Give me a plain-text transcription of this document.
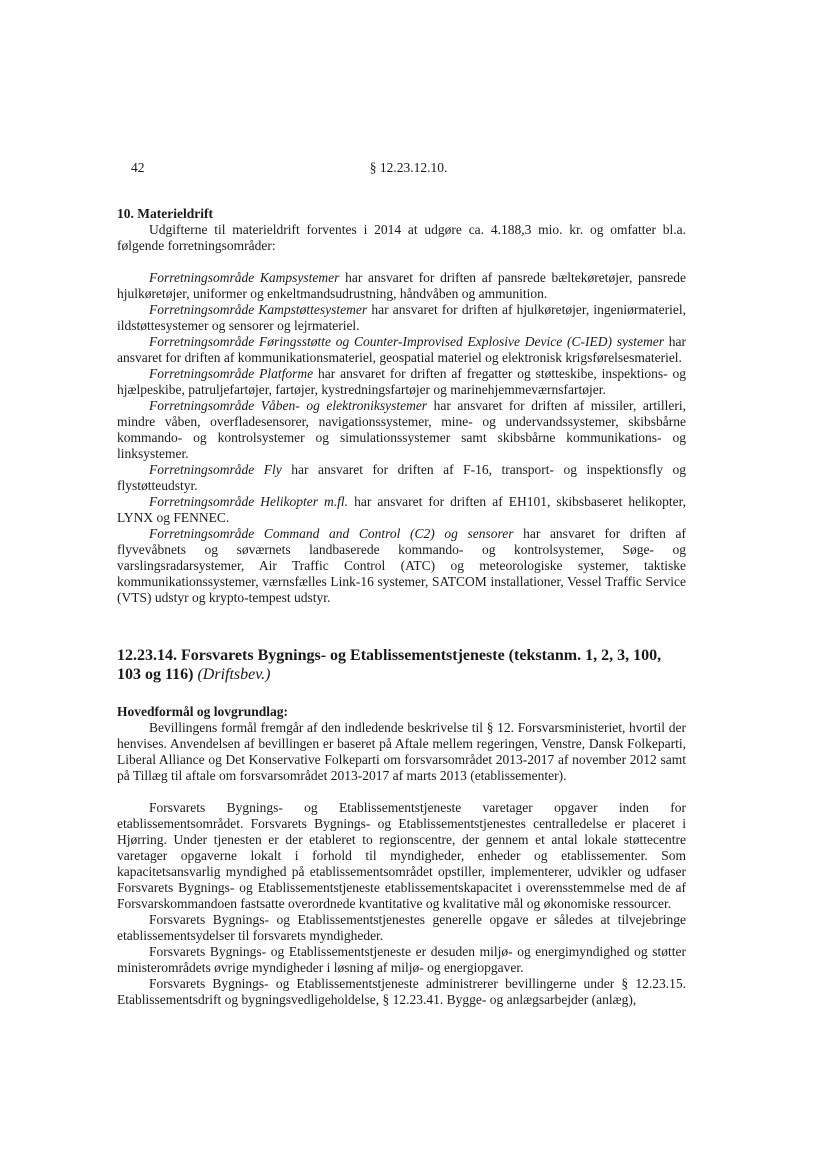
42	§ 12.23.12.10.

10. Materieldrift

Udgifterne til materieldrift forventes i 2014 at udgøre ca. 4.188,3 mio. kr. og omfatter bl.a. følgende forretningsområder:

Forretningsområde Kampsystemer har ansvaret for driften af pansrede bæltekøretøjer, pansrede hjulkøretøjer, uniformer og enkeltmandsudrustning, håndvåben og ammunition.

Forretningsområde Kampstøttesystemer har ansvaret for driften af hjulkøretøjer, ingeniørmateriel, ildstøttesystemer og sensorer og lejrmateriel.

Forretningsområde Føringsstøtte og Counter-Improvised Explosive Device (C-IED) systemer har ansvaret for driften af kommunikationsmateriel, geospatial materiel og elektronisk krigsførelsesmateriel.

Forretningsområde Platforme har ansvaret for driften af fregatter og støtteskibe, inspektions- og hjælpeskibe, patruljefartøjer, fartøjer, kystredningsfartøjer og marinehjemmeværnsfartøjer.

Forretningsområde Våben- og elektroniksystemer har ansvaret for driften af missiler, artilleri, mindre våben, overfladesensorer, navigationssystemer, mine- og undervandssystemer, skibsbårne kommando- og kontrolsystemer og simulationssystemer samt skibsbårne kommunikations- og linksystemer.

Forretningsområde Fly har ansvaret for driften af F-16, transport- og inspektionsfly og flystøtteudstyr.

Forretningsområde Helikopter m.fl. har ansvaret for driften af EH101, skibsbaseret helikopter, LYNX og FENNEC.

Forretningsområde Command and Control (C2) og sensorer har ansvaret for driften af flyvevåbnets og søværnets landbaserede kommando- og kontrolsystemer, Søge- og varslingsradarsystemer, Air Traffic Control (ATC) og meteorologiske systemer, taktiske kommunikationssystemer, værnsfælles Link-16 systemer, SATCOM installationer, Vessel Traffic Service (VTS) udstyr og krypto-tempest udstyr.

12.23.14. Forsvarets Bygnings- og Etablissementstjeneste (tekstanm. 1, 2, 3, 100, 103 og 116) (Driftsbev.)

Hovedformål og lovgrundlag:

Bevillingens formål fremgår af den indledende beskrivelse til § 12. Forsvarsministeriet, hvortil der henvises. Anvendelsen af bevillingen er baseret på Aftale mellem regeringen, Venstre, Dansk Folkeparti, Liberal Alliance og Det Konservative Folkeparti om forsvarsområdet 2013-2017 af november 2012 samt på Tillæg til aftale om forsvarsområdet 2013-2017 af marts 2013 (etablissementer).

Forsvarets Bygnings- og Etablissementstjeneste varetager opgaver inden for etablissementsområdet. Forsvarets Bygnings- og Etablissementstjenestes centralledelse er placeret i Hjørring. Under tjenesten er der etableret to regionscentre, der gennem et antal lokale støttecentre varetager opgaverne lokalt i forhold til myndigheder, enheder og etablissementer. Som kapacitetsansvarlig myndighed på etablissementsområdet opstiller, implementerer, udvikler og udfaser Forsvarets Bygnings- og Etablissementstjeneste etablissementskapacitet i overensstemmelse med de af Forsvarskommandoen fastsatte overordnede kvantitative og kvalitative mål og økonomiske ressourcer.

Forsvarets Bygnings- og Etablissementstjenestes generelle opgave er således at tilvejebringe etablissementsydelser til forsvarets myndigheder.

Forsvarets Bygnings- og Etablissementstjeneste er desuden miljø- og energimyndighed og støtter ministerområdets øvrige myndigheder i løsning af miljø- og energiopgaver.

Forsvarets Bygnings- og Etablissementstjeneste administrerer bevillingerne under § 12.23.15. Etablissementsdrift og bygningsvedligeholdelse, § 12.23.41. Bygge- og anlægsarbejder (anlæg),
